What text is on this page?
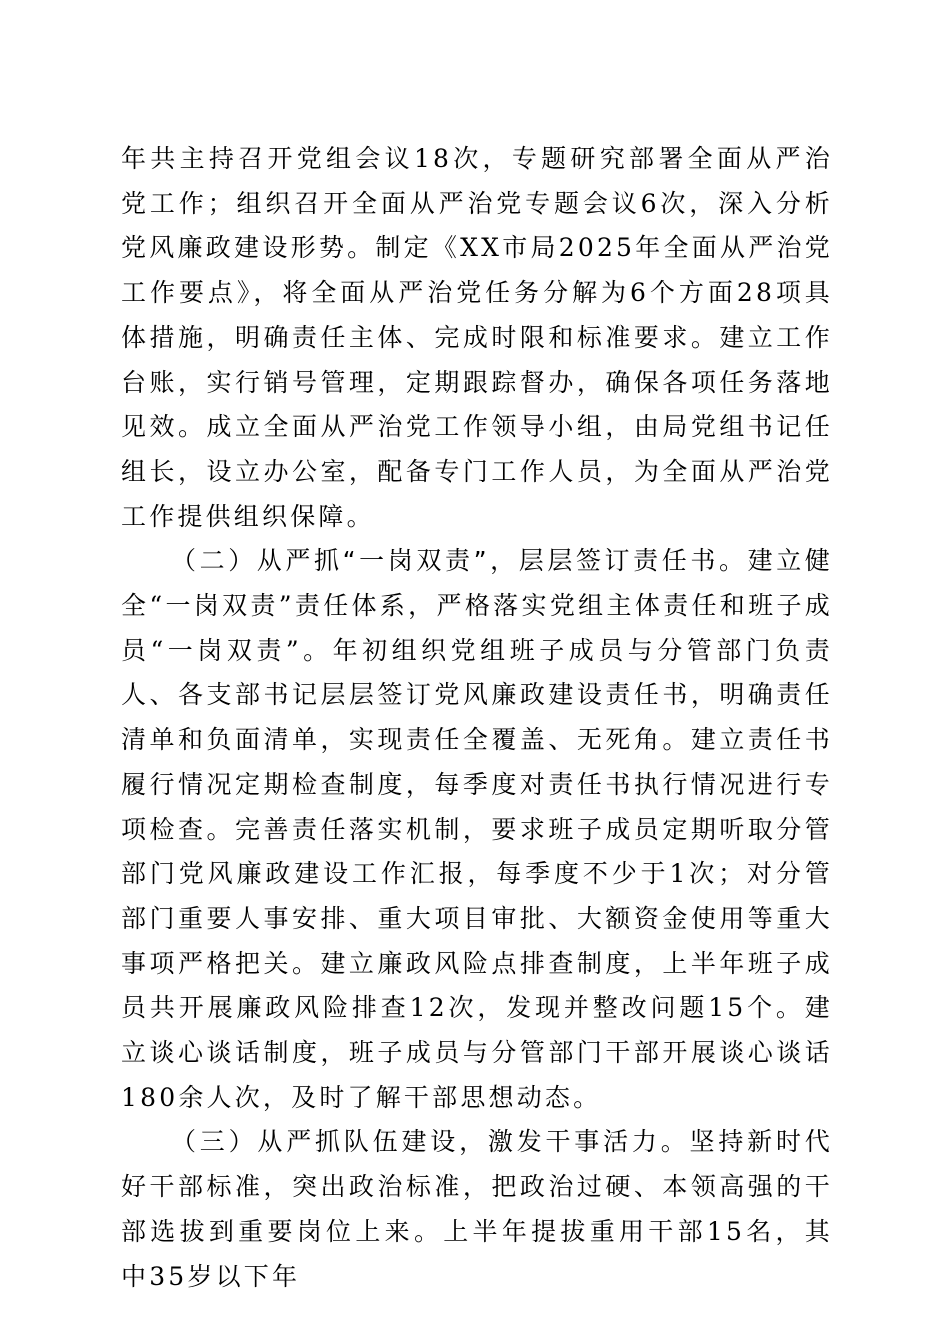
年共主持召开党组会议18次，专题研究部署全面从严治党工作；组织召开全面从严治党专题会议6次，深入分析党风廉政建设形势。制定《XX市局2025年全面从严治党工作要点》，将全面从严治党任务分解为6个方面28项具体措施，明确责任主体、完成时限和标准要求。建立工作台账，实行销号管理，定期跟踪督办，确保各项任务落地见效。成立全面从严治党工作领导小组，由局党组书记任组长，设立办公室，配备专门工作人员，为全面从严治党工作提供组织保障。

（二）从严抓“一岗双责”，层层签订责任书。建立健全“一岗双责”责任体系，严格落实党组主体责任和班子成员“一岗双责”。年初组织党组班子成员与分管部门负责人、各支部书记层层签订党风廉政建设责任书，明确责任清单和负面清单，实现责任全覆盖、无死角。建立责任书履行情况定期检查制度，每季度对责任书执行情况进行专项检查。完善责任落实机制，要求班子成员定期听取分管部门党风廉政建设工作汇报，每季度不少于1次；对分管部门重要人事安排、重大项目审批、大额资金使用等重大事项严格把关。建立廉政风险点排查制度，上半年班子成员共开展廉政风险排查12次，发现并整改问题15个。建立谈心谈话制度，班子成员与分管部门干部开展谈心谈话180余人次，及时了解干部思想动态。

（三）从严抓队伍建设，激发干事活力。坚持新时代好干部标准，突出政治标准，把政治过硬、本领高强的干部选拔到重要岗位上来。上半年提拔重用干部15名，其中35岁以下年
